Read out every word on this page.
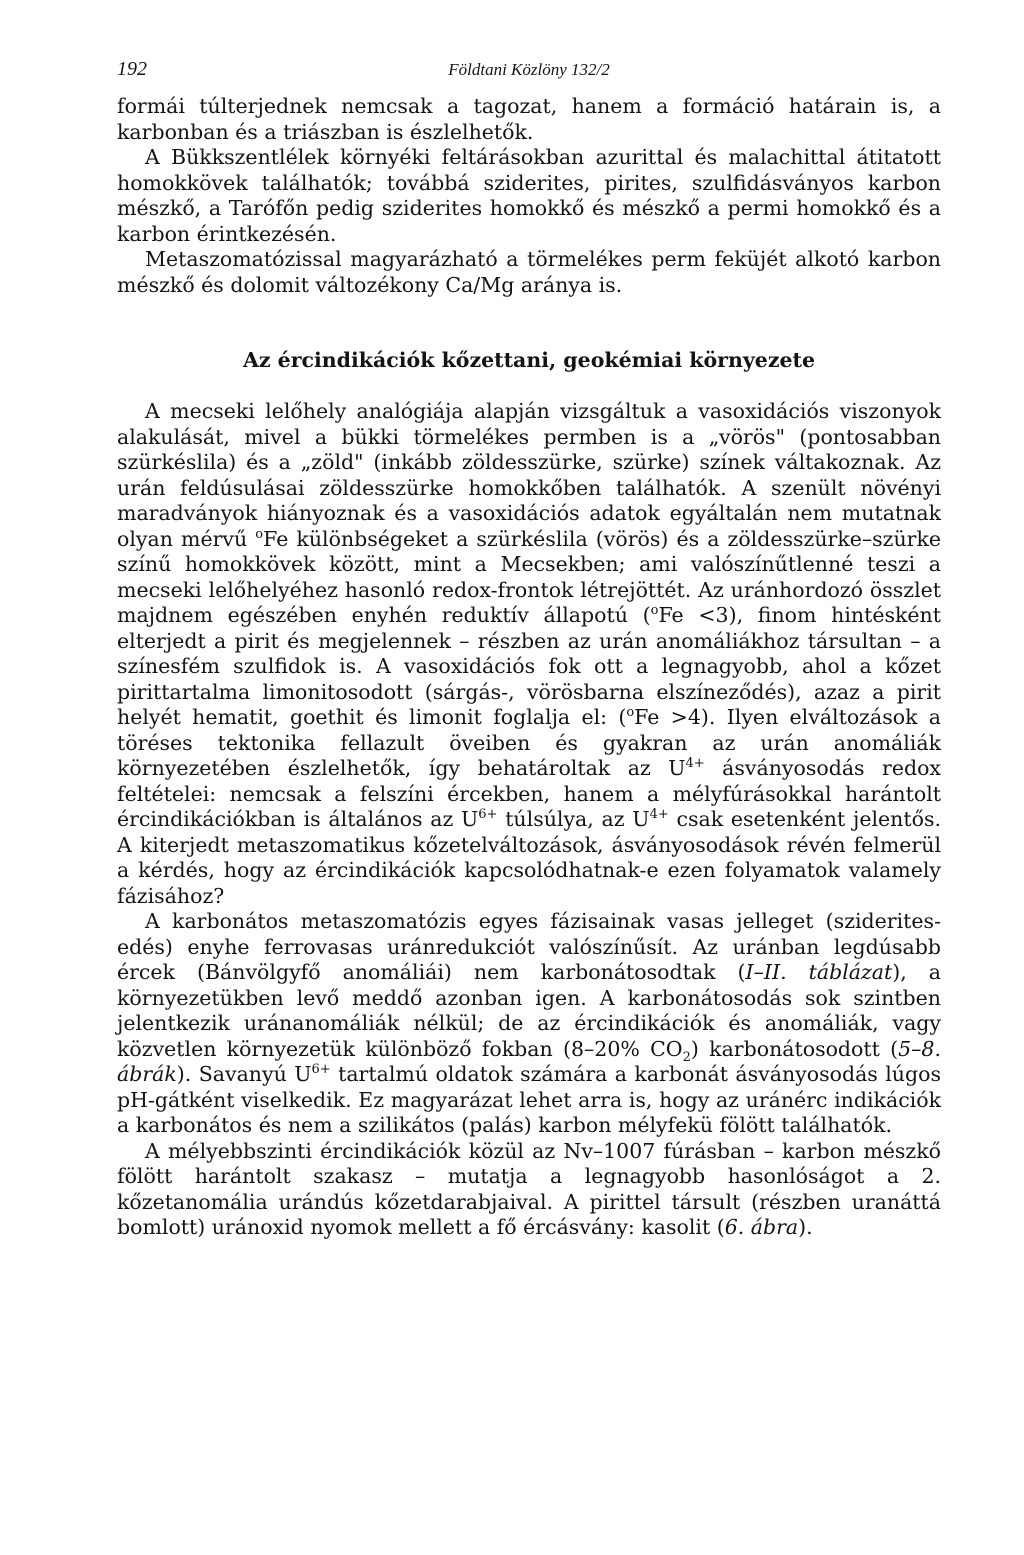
192	Földtani Közlöny 132/2

formái túlterjednek nemcsak a tagozat, hanem a formáció határain is, a karbonban és a triászban is észlelhetők.

A Bükkszentlélek környéki feltárásokban azurittal és malachittal átitatott homokkövek találhatók; továbbá sziderites, pirites, szulfidásványos karbon mészkő, a Tarófőn pedig sziderites homokkő és mészkő a permi homokkő és a karbon érintkezésén.

Metaszomatózissal magyarázható a törmelékes perm feküjét alkotó karbon mészkő és dolomit változékony Ca/Mg aránya is.

Az ércindikációk kőzettani, geokémiai környezete

A mecseki lelőhely analógiája alapján vizsgáltuk a vasoxidációs viszonyok alakulását, mivel a bükki törmelékes permben is a „vörös" (pontosabban szürkéslila) és a „zöld" (inkább zöldesszürke, szürke) színek váltakoznak. Az urán feldúsulásai zöldesszürke homokkőben találhatók. A szenült növényi maradványok hiányoznak és a vasoxidációs adatok egyáltalán nem mutatnak olyan mérvű $^o$Fe különbségeket a szürkéslila (vörös) és a zöldesszürke–szürke színű homokkövek között, mint a Mecsekben; ami valószínűtlenné teszi a mecseki lelőhelyéhez hasonló redox-frontok létrejöttét. Az uránhordozó összlet majdnem egészében enyhén reduktív állapotú ($^o$Fe <3), finom hintésként elterjedt a pirit és megjelennek – részben az urán anomáliákhoz társultan – a színesfém szulfidok is. A vasoxidációs fok ott a legnagyobb, ahol a kőzet pirittartalma limonitosodott (sárgás-, vörösbarna elszíneződés), azaz a pirit helyét hematit, goethit és limonit foglalja el: ($^o$Fe >4). Ilyen elváltozások a töréses tektonika fellazult öveiben és gyakran az urán anomáliák környezetében észlelhetők, így behatároltak az $U^{4+}$ ásványosodás redox feltételei: nemcsak a felszíni ércekben, hanem a mélyfúrásokkal harántolt ércindikációkban is általános az $U^{6+}$ túlsúlya, az $U^{4+}$ csak esetenként jelentős. A kiterjedt metaszomatikus kőzetelváltozások, ásványosodások révén felmerül a kérdés, hogy az ércindikációk kapcsolódhatnak-e ezen folyamatok valamely fázisához?

A karbonátos metaszomatózis egyes fázisainak vasas jelleget (szideritesedés) enyhe ferrovasas uránredukciót valószínűsít. Az uránban legdúsabb ércek (Bánvölgyfő anomáliái) nem karbonátosodtak (I–II. táblázat), a környezetükben levő meddő azonban igen. A karbonátosodás sok szintben jelentkezik uránanomáliák nélkül; de az ércindikációk és anomáliák, vagy közvetlen környezetük különböző fokban (8–20% $CO_2$) karbonátosodott (5–8. ábrák). Savanyú $U^{6+}$ tartalmú oldatok számára a karbonát ásványosodás lúgos pH-gátként viselkedik. Ez magyarázat lehet arra is, hogy az uránérc indikációk a karbonátos és nem a szilikátos (palás) karbon mélyfekü fölött találhatók.

A mélyebbszinti ércindikációk közül az Nv–1007 fúrásban – karbon mészkő fölött harántolt szakasz – mutatja a legnagyobb hasonlóságot a 2. kőzetanomália urándús kőzetdarabjaival. A pirittel társult (részben uranáttá bomlott) uránoxid nyomok mellett a fő ércásvány: kasolit (6. ábra).
